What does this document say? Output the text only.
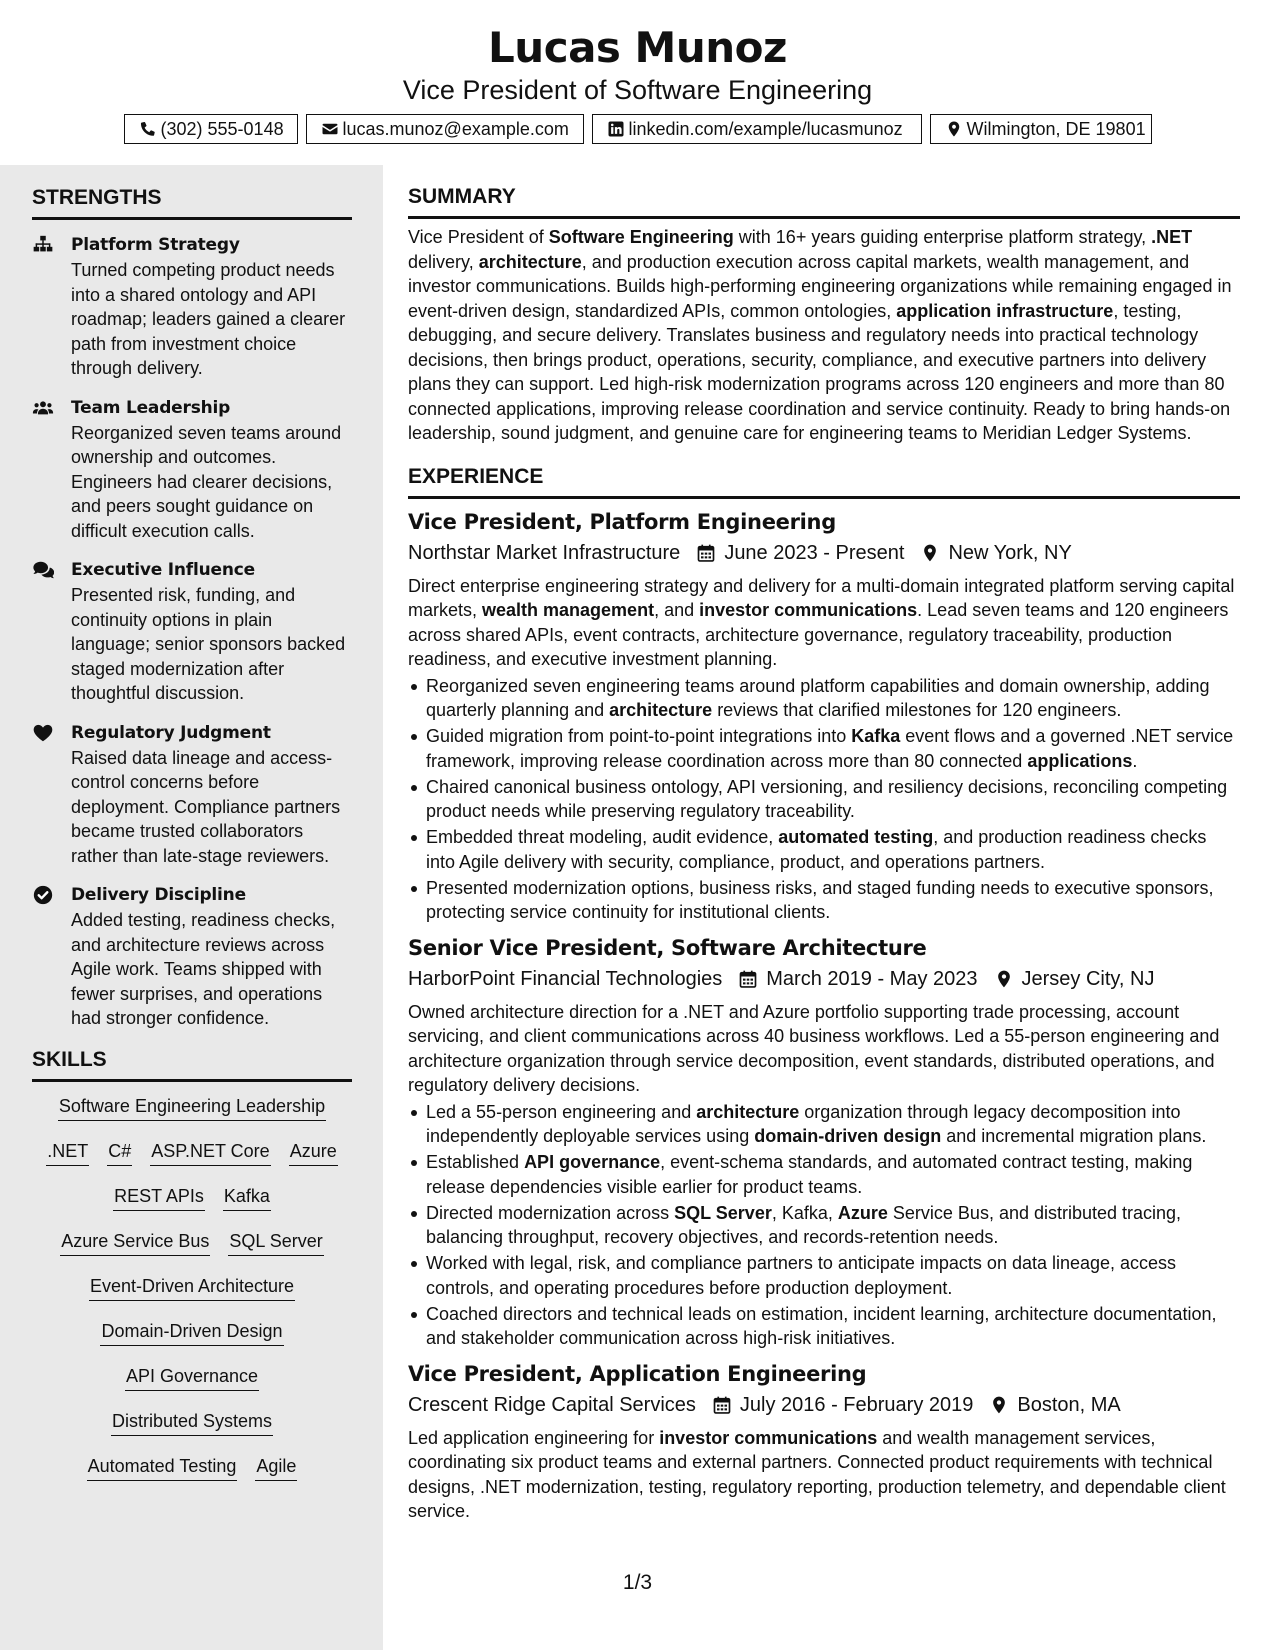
Lucas Munoz
Vice President of Software Engineering
(302) 555-0148	lucas.munoz@example.com	linkedin.com/example/lucasmunoz	Wilmington, DE 19801
STRENGTHS
Platform Strategy
Turned competing product needs into a shared ontology and API roadmap; leaders gained a clearer path from investment choice through delivery.
Team Leadership
Reorganized seven teams around ownership and outcomes. Engineers had clearer decisions, and peers sought guidance on difficult execution calls.
Executive Influence
Presented risk, funding, and continuity options in plain language; senior sponsors backed staged modernization after thoughtful discussion.
Regulatory Judgment
Raised data lineage and access-control concerns before deployment. Compliance partners became trusted collaborators rather than late-stage reviewers.
Delivery Discipline
Added testing, readiness checks, and architecture reviews across Agile work. Teams shipped with fewer surprises, and operations had stronger confidence.
SKILLS
Software Engineering Leadership
.NET C# ASP.NET Core Azure
REST APIs Kafka
Azure Service Bus SQL Server
Event-Driven Architecture
Domain-Driven Design
API Governance
Distributed Systems
Automated Testing Agile
SUMMARY

Vice President of Software Engineering with 16+ years guiding enterprise platform strategy, .NET delivery, architecture, and production execution across capital markets, wealth management, and investor communications. Builds high-performing engineering organizations while remaining engaged in event-driven design, standardized APIs, common ontologies, application infrastructure, testing, debugging, and secure delivery. Translates business and regulatory needs into practical technology decisions, then brings product, operations, security, compliance, and executive partners into delivery plans they can support. Led high-risk modernization programs across 120 engineers and more than 80 connected applications, improving release coordination and service continuity. Ready to bring hands-on leadership, sound judgment, and genuine care for engineering teams to Meridian Ledger Systems.

EXPERIENCE
Vice President, Platform Engineering
Northstar Market Infrastructure June 2023 - Present New York, NY

Direct enterprise engineering strategy and delivery for a multi-domain integrated platform serving capital markets, wealth management, and investor communications. Lead seven teams and 120 engineers across shared APIs, event contracts, architecture governance, regulatory traceability, production readiness, and executive investment planning.

Reorganized seven engineering teams around platform capabilities and domain ownership, adding quarterly planning and architecture reviews that clarified milestones for 120 engineers.
Guided migration from point-to-point integrations into Kafka event flows and a governed .NET service framework, improving release coordination across more than 80 connected applications.
Chaired canonical business ontology, API versioning, and resiliency decisions, reconciling competing product needs while preserving regulatory traceability.
Embedded threat modeling, audit evidence, automated testing, and production readiness checks into Agile delivery with security, compliance, product, and operations partners.
Presented modernization options, business risks, and staged funding needs to executive sponsors, protecting service continuity for institutional clients.
Senior Vice President, Software Architecture
HarborPoint Financial Technologies March 2019 - May 2023 Jersey City, NJ

Owned architecture direction for a .NET and Azure portfolio supporting trade processing, account servicing, and client communications across 40 business workflows. Led a 55-person engineering and architecture organization through service decomposition, event standards, distributed operations, and regulatory delivery decisions.

Led a 55-person engineering and architecture organization through legacy decomposition into independently deployable services using domain-driven design and incremental migration plans.
Established API governance, event-schema standards, and automated contract testing, making release dependencies visible earlier for product teams.
Directed modernization across SQL Server, Kafka, Azure Service Bus, and distributed tracing, balancing throughput, recovery objectives, and records-retention needs.
Worked with legal, risk, and compliance partners to anticipate impacts on data lineage, access controls, and operating procedures before production deployment.
Coached directors and technical leads on estimation, incident learning, architecture documentation, and stakeholder communication across high-risk initiatives.
Vice President, Application Engineering
Crescent Ridge Capital Services July 2016 - February 2019 Boston, MA

Led application engineering for investor communications and wealth management services, coordinating six product teams and external partners. Connected product requirements with technical designs, .NET modernization, testing, regulatory reporting, production telemetry, and dependable client service.

1/3
